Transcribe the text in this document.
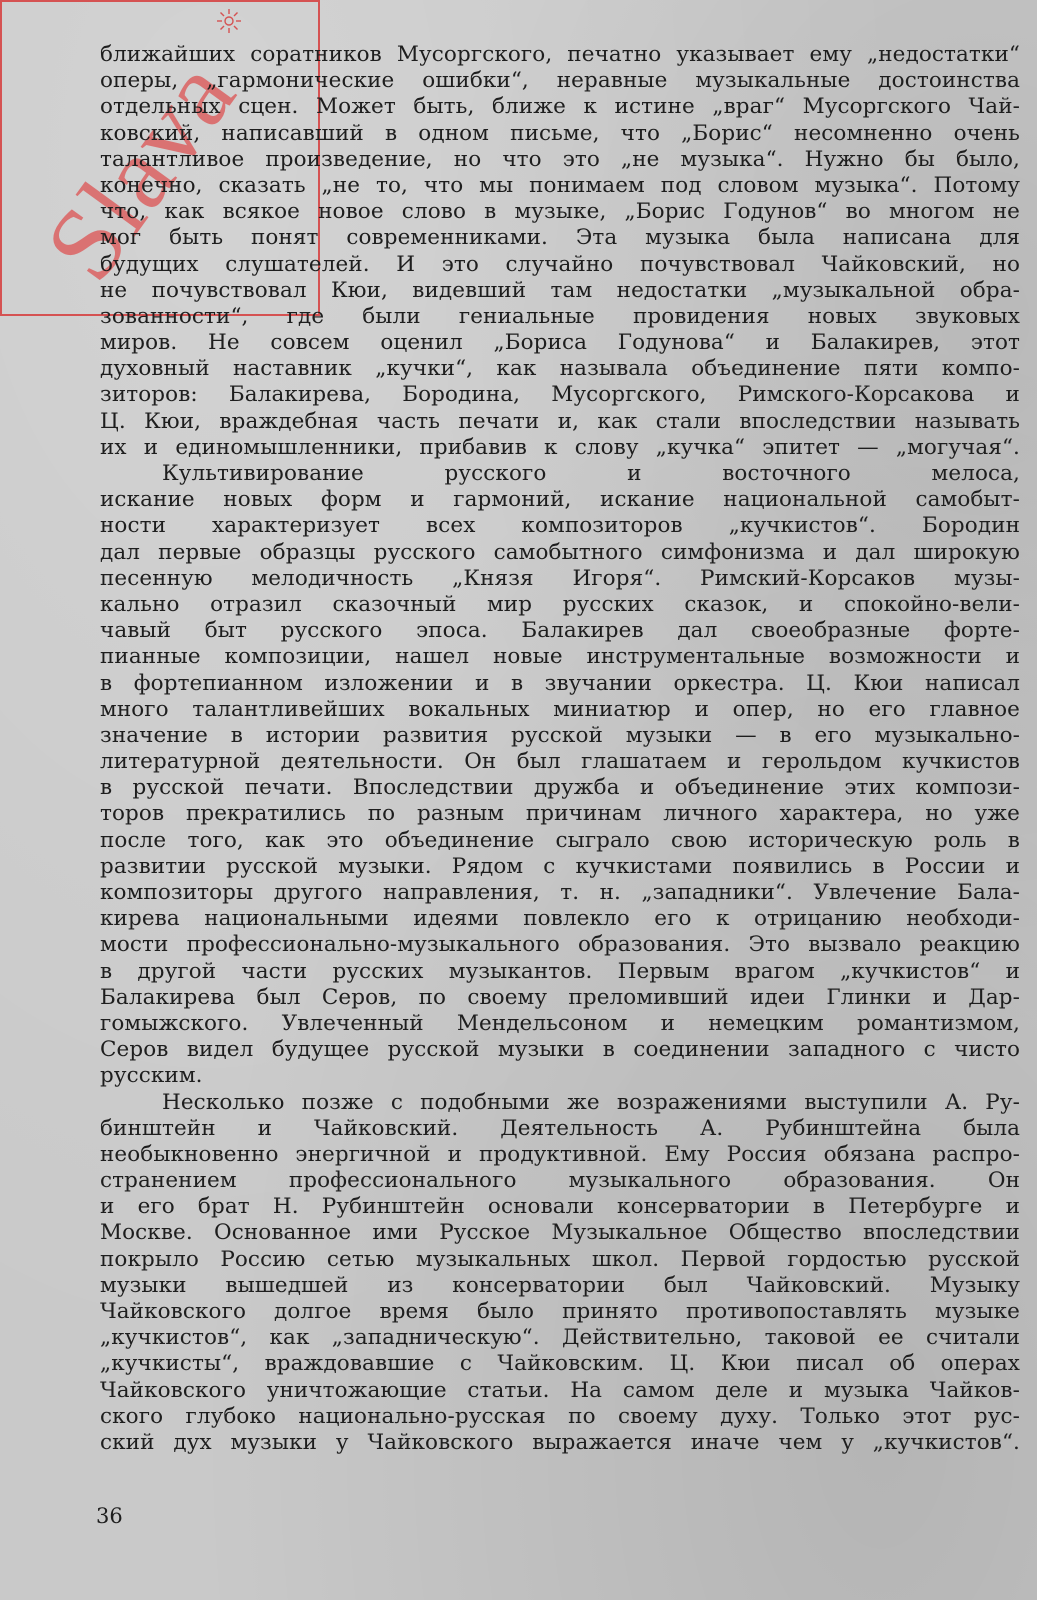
Slava
ближайших соратников Мусоргского, печатно указывает ему „недостатки“
оперы, „гармонические ошибки“, неравные музыкальные достоинства
отдельных сцен. Может быть, ближе к истине „враг“ Мусоргского Чай-
ковский, написавший в одном письме, что „Борис“ несомненно очень
талантливое произведение, но что это „не музыка“. Нужно бы было,
конечно, сказать „не то, что мы понимаем под словом музыка“. Потому
что, как всякое новое слово в музыке, „Борис Годунов“ во многом не
мог быть понят современниками. Эта музыка была написана для
будущих слушателей. И это случайно почувствовал Чайковский, но
не почувствовал Кюи, видевший там недостатки „музыкальной обра-
зованности“, где были гениальные провидения новых звуковых
миров. Не совсем оценил „Бориса Годунова“ и Балакирев, этот
духовный наставник „кучки“, как называла объединение пяти компо-
зиторов: Балакирева, Бородина, Мусоргского, Римского-Корсакова и
Ц. Кюи, враждебная часть печати и, как стали впоследствии называть
их и единомышленники, прибавив к слову „кучка“ эпитет — „могучая“.
Культивирование русского и восточного мелоса,
искание новых форм и гармоний, искание национальной самобыт-
ности характеризует всех композиторов „кучкистов“. Бородин
дал первые образцы русского самобытного симфонизма и дал широкую
песенную мелодичность „Князя Игоря“. Римский-Корсаков музы-
кально отразил сказочный мир русских сказок, и спокойно-вели-
чавый быт русского эпоса. Балакирев дал своеобразные форте-
пианные композиции, нашел новые инструментальные возможности и
в фортепианном изложении и в звучании оркестра. Ц. Кюи написал
много талантливейших вокальных миниатюр и опер, но его главное
значение в истории развития русской музыки — в его музыкально-
литературной деятельности. Он был глашатаем и герольдом кучкистов
в русской печати. Впоследствии дружба и объединение этих компози-
торов прекратились по разным причинам личного характера, но уже
после того, как это объединение сыграло свою историческую роль в
развитии русской музыки. Рядом с кучкистами появились в России и
композиторы другого направления, т. н. „западники“. Увлечение Бала-
кирева национальными идеями повлекло его к отрицанию необходи-
мости профессионально-музыкального образования. Это вызвало реакцию
в другой части русских музыкантов. Первым врагом „кучкистов“ и
Балакирева был Серов, по своему преломивший идеи Глинки и Дар-
гомыжского. Увлеченный Мендельсоном и немецким романтизмом,
Серов видел будущее русской музыки в соединении западного с чисто
русским.
Несколько позже с подобными же возражениями выступили А. Ру-
бинштейн и Чайковский. Деятельность А. Рубинштейна была
необыкновенно энергичной и продуктивной. Ему Россия обязана распро-
странением профессионального музыкального образования. Он
и его брат Н. Рубинштейн основали консерватории в Петербурге и
Москве. Основанное ими Русское Музыкальное Общество впоследствии
покрыло Россию сетью музыкальных школ. Первой гордостью русской
музыки вышедшей из консерватории был Чайковский. Музыку
Чайковского долгое время было принято противопоставлять музыке
„кучкистов“, как „западническую“. Действительно, таковой ее считали
„кучкисты“, враждовавшие с Чайковским. Ц. Кюи писал об операх
Чайковского уничтожающие статьи. На самом деле и музыка Чайков-
ского глубоко национально-русская по своему духу. Только этот рус-
ский дух музыки у Чайковского выражается иначе чем у „кучкистов“.
36
